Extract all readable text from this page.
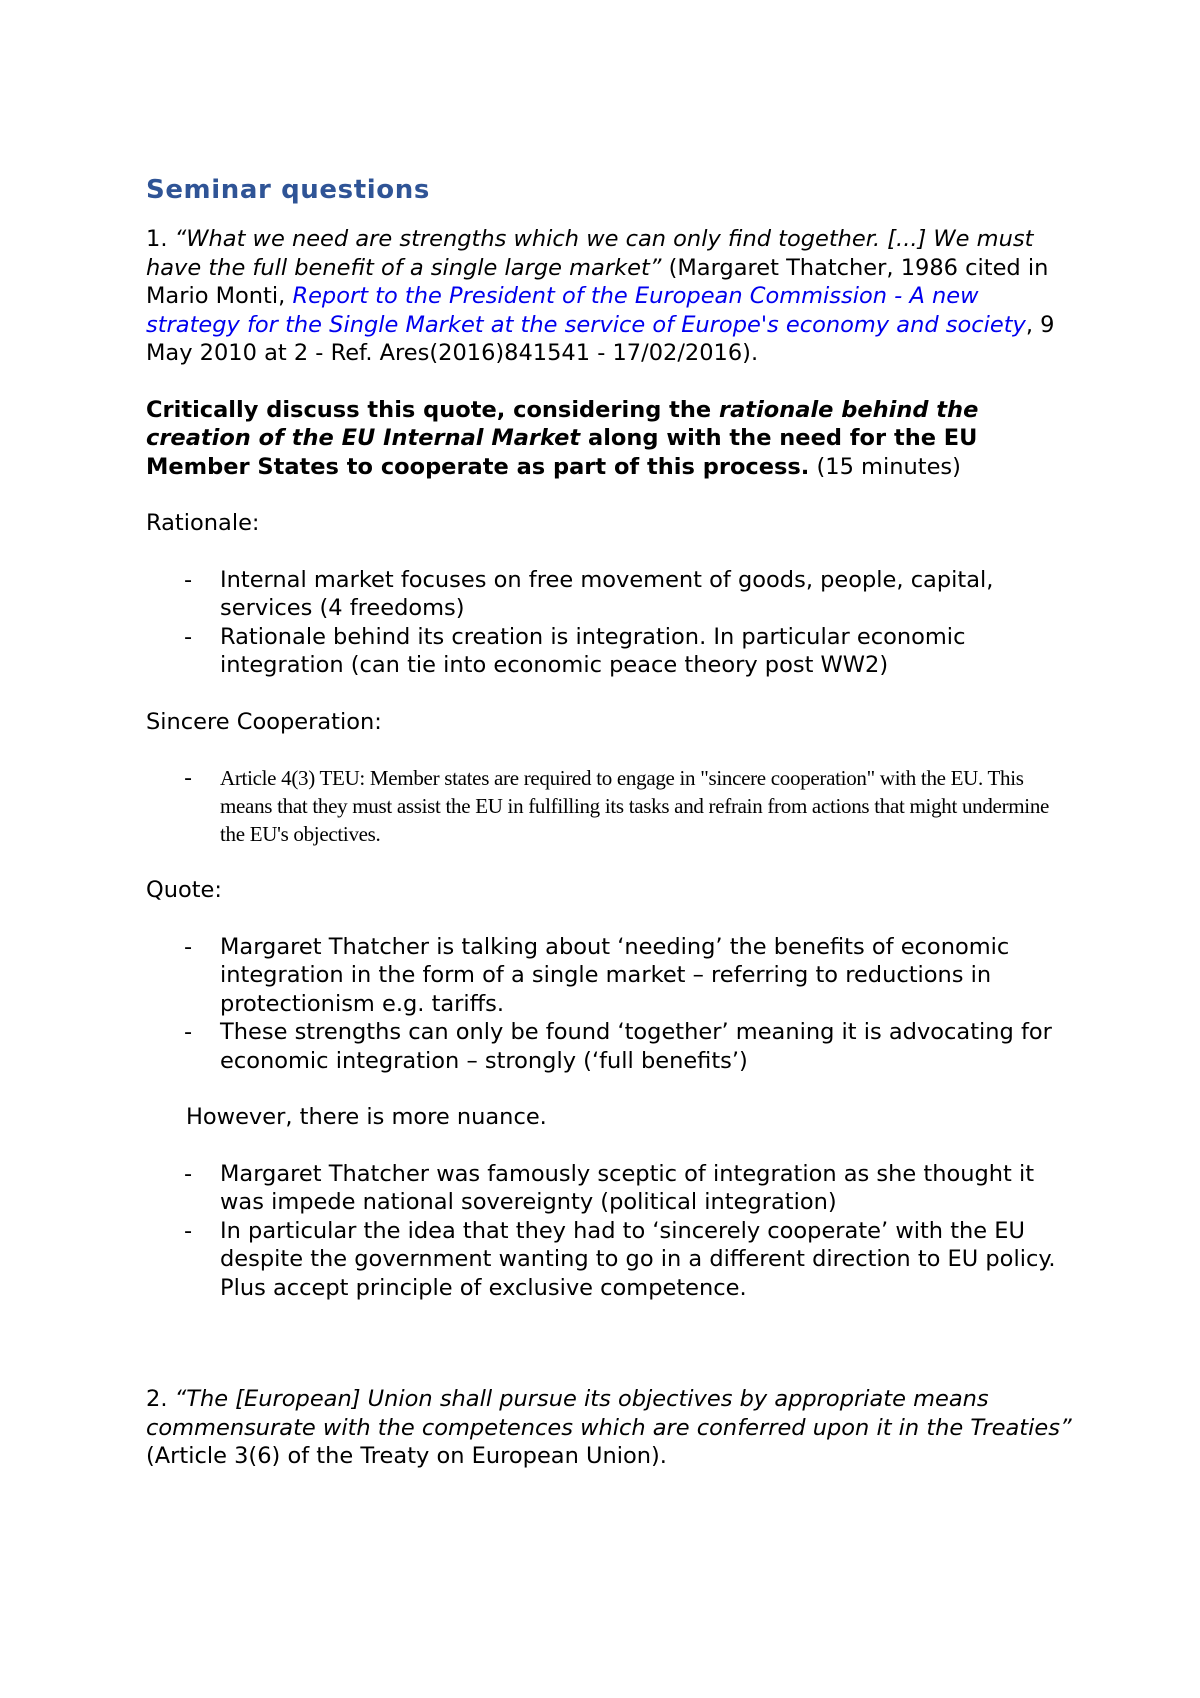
Seminar questions

1. “What we need are strengths which we can only find together. [...] We must have the full benefit of a single large market” (Margaret Thatcher, 1986 cited in Mario Monti, Report to the President of the European Commission - A new strategy for the Single Market at the service of Europe's economy and society, 9 May 2010 at 2 - Ref. Ares(2016)841541 - 17/02/2016).

Critically discuss this quote, considering the rationale behind the creation of the EU Internal Market along with the need for the EU Member States to cooperate as part of this process. (15 minutes)

Rationale:

- Internal market focuses on free movement of goods, people, capital, services (4 freedoms)
- Rationale behind its creation is integration. In particular economic integration (can tie into economic peace theory post WW2)

Sincere Cooperation:

- Article 4(3) TEU: Member states are required to engage in "sincere cooperation" with the EU. This means that they must assist the EU in fulfilling its tasks and refrain from actions that might undermine the EU's objectives.

Quote:

- Margaret Thatcher is talking about ‘needing’ the benefits of economic integration in the form of a single market – referring to reductions in protectionism e.g. tariffs.
- These strengths can only be found ‘together’ meaning it is advocating for economic integration – strongly (‘full benefits’)

However, there is more nuance.

- Margaret Thatcher was famously sceptic of integration as she thought it was impede national sovereignty (political integration)
- In particular the idea that they had to ‘sincerely cooperate’ with the EU despite the government wanting to go in a different direction to EU policy. Plus accept principle of exclusive competence.

2. “The [European] Union shall pursue its objectives by appropriate means commensurate with the competences which are conferred upon it in the Treaties” (Article 3(6) of the Treaty on European Union).
